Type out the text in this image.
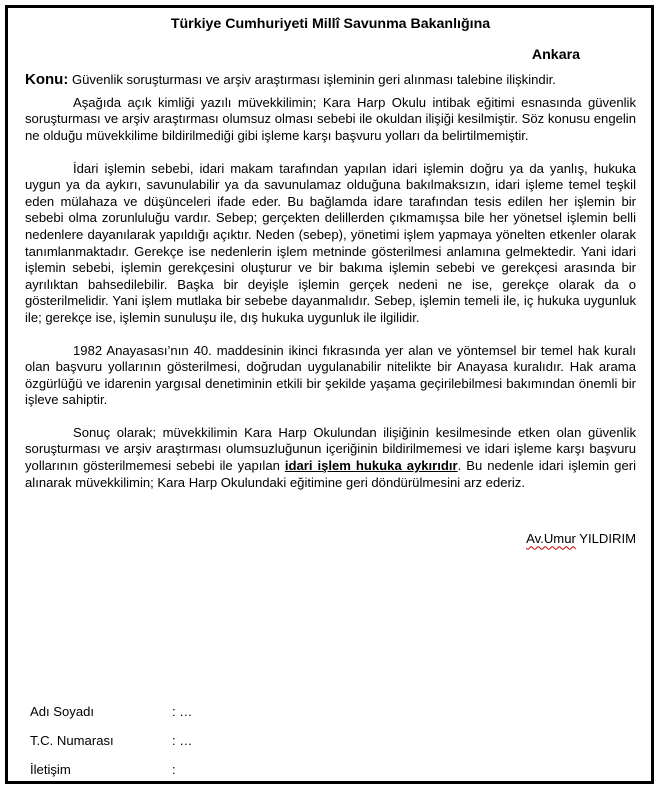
Türkiye Cumhuriyeti Millî Savunma Bakanlığına
Ankara
Konu: Güvenlik soruşturması ve arşiv araştırması işleminin geri alınması talebine ilişkindir.

Aşağıda açık kimliği yazılı müvekkilimin; Kara Harp Okulu intibak eğitimi esnasında güvenlik soruşturması ve arşiv araştırması olumsuz olması sebebi ile okuldan ilişiği kesilmiştir. Söz konusu engelin ne olduğu müvekkilime bildirilmediği gibi işleme karşı başvuru yolları da belirtilmemiştir.

İdari işlemin sebebi, idari makam tarafından yapılan idari işlemin doğru ya da yanlış, hukuka uygun ya da aykırı, savunulabilir ya da savunulamaz olduğuna bakılmaksızın, idari işleme temel teşkil eden mülahaza ve düşünceleri ifade eder. Bu bağlamda idare tarafından tesis edilen her işlemin bir sebebi olma zorunluluğu vardır. Sebep; gerçekten delillerden çıkmamışsa bile her yönetsel işlemin belli nedenlere dayanılarak yapıldığı açıktır. Neden (sebep), yönetimi işlem yapmaya yönelten etkenler olarak tanımlanmaktadır. Gerekçe ise nedenlerin işlem metninde gösterilmesi anlamına gelmektedir. Yani idari işlemin sebebi, işlemin gerekçesini oluşturur ve bir bakıma işlemin sebebi ve gerekçesi arasında bir ayrılıktan bahsedilebilir. Başka bir deyişle işlemin gerçek nedeni ne ise, gerekçe olarak da o gösterilmelidir. Yani işlem mutlaka bir sebebe dayanmalıdır. Sebep, işlemin temeli ile, iç hukuka uygunluk ile; gerekçe ise, işlemin sunuluşu ile, dış hukuka uygunluk ile ilgilidir.

1982 Anayasası’nın 40. maddesinin ikinci fıkrasında yer alan ve yöntemsel bir temel hak kuralı olan başvuru yollarının gösterilmesi, doğrudan uygulanabilir nitelikte bir Anayasa kuralıdır. Hak arama özgürlüğü ve idarenin yargısal denetiminin etkili bir şekilde yaşama geçirilebilmesi bakımından önemli bir işleve sahiptir.

Sonuç olarak; müvekkilimin Kara Harp Okulundan ilişiğinin kesilmesinde etken olan güvenlik soruşturması ve arşiv araştırması olumsuzluğunun içeriğinin bildirilmemesi ve idari işleme karşı başvuru yollarının gösterilmemesi sebebi ile yapılan idari işlem hukuka aykırıdır. Bu nedenle idari işlemin geri alınarak müvekkilimin; Kara Harp Okulundaki eğitimine geri döndürülmesini arz ederiz.

Av.Umur YILDIRIM
Adı Soyadı	: …
T.C. Numarası	: …
İletişim	:
